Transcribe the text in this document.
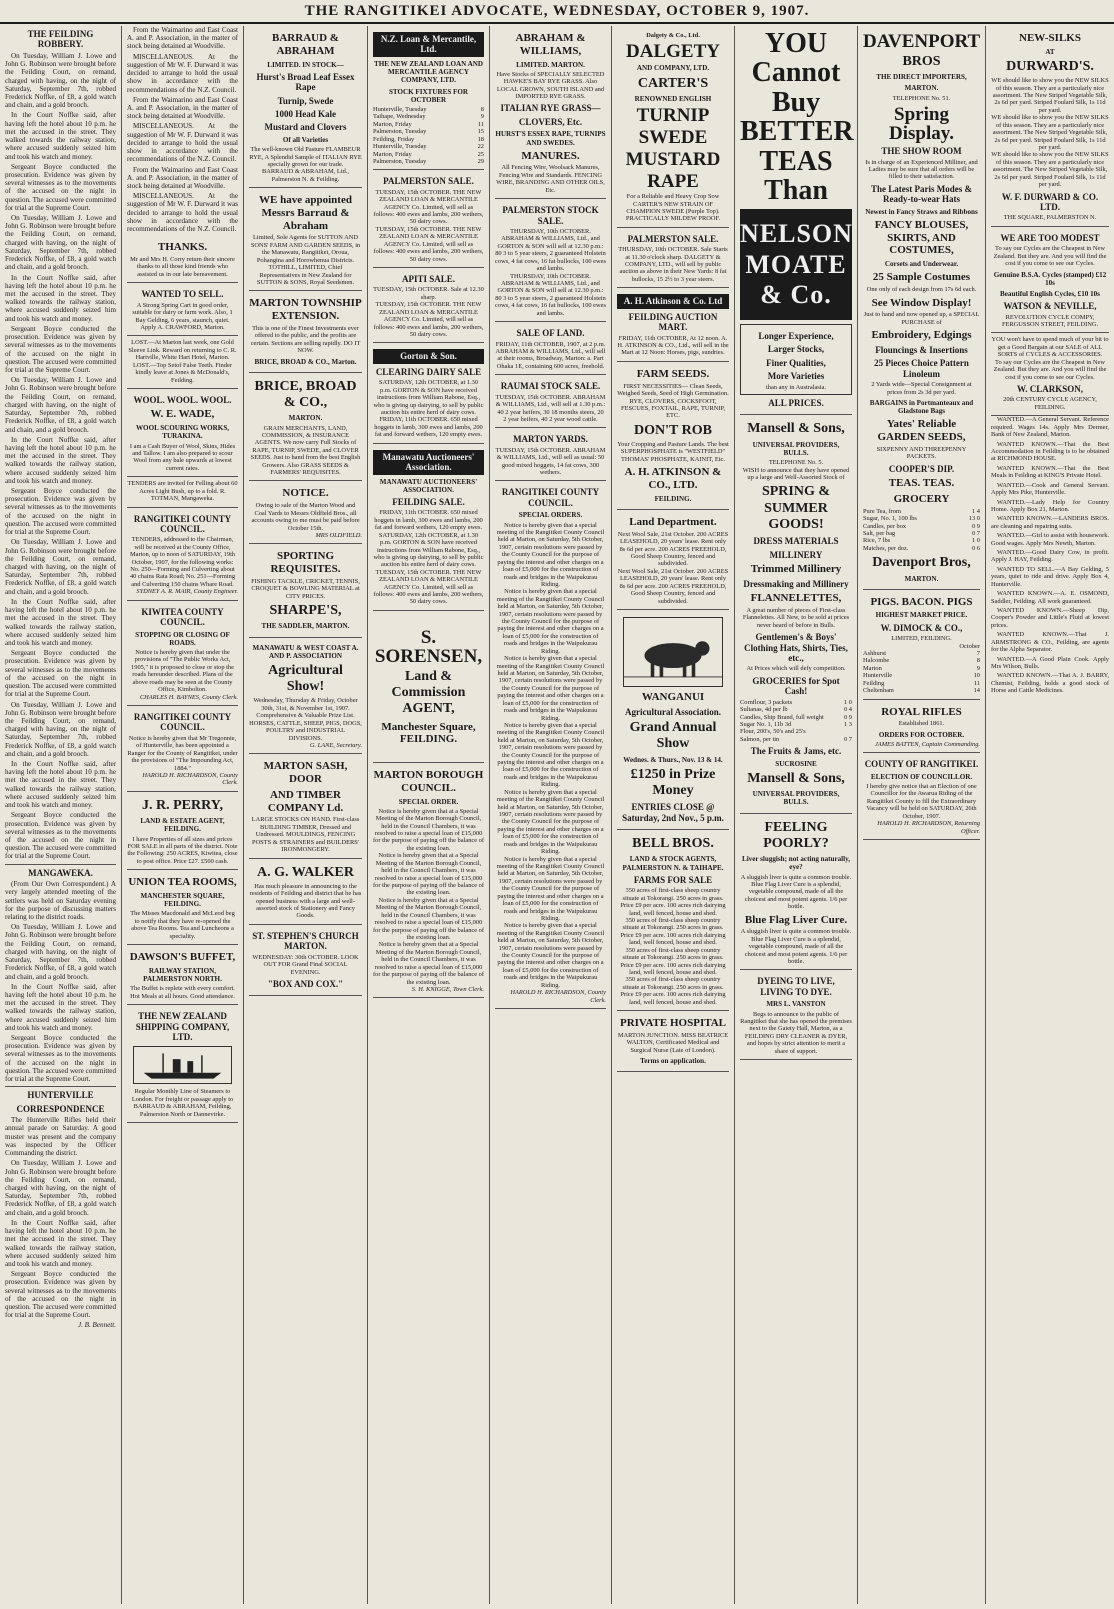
THE RANGITIKEI ADVOCATE, WEDNESDAY, OCTOBER 9, 1907.
THE FEILDING ROBBERY.

On Tuesday, William J. Lowe and John G. Robinson were brought before the Feilding Court, on remand, charged with having, on the night of Saturday, September 7th, robbed Frederick Noffke, of £8, a gold watch and chain, and a gold brooch.

In the Court Noffke said, after having left the hotel about 10 p.m. he met the accused in the street. They walked towards the railway station, where accused suddenly seized him and took his watch and money.

Sergeant Boyce conducted the prosecution. Evidence was given by several witnesses as to the movements of the accused on the night in question. The accused were committed for trial at the Supreme Court.

On Tuesday, William J. Lowe and John G. Robinson were brought before the Feilding Court, on remand, charged with having, on the night of Saturday, September 7th, robbed Frederick Noffke, of £8, a gold watch and chain, and a gold brooch.

In the Court Noffke said, after having left the hotel about 10 p.m. he met the accused in the street. They walked towards the railway station, where accused suddenly seized him and took his watch and money.

Sergeant Boyce conducted the prosecution. Evidence was given by several witnesses as to the movements of the accused on the night in question. The accused were committed for trial at the Supreme Court.

On Tuesday, William J. Lowe and John G. Robinson were brought before the Feilding Court, on remand, charged with having, on the night of Saturday, September 7th, robbed Frederick Noffke, of £8, a gold watch and chain, and a gold brooch.

In the Court Noffke said, after having left the hotel about 10 p.m. he met the accused in the street. They walked towards the railway station, where accused suddenly seized him and took his watch and money.

Sergeant Boyce conducted the prosecution. Evidence was given by several witnesses as to the movements of the accused on the night in question. The accused were committed for trial at the Supreme Court.

On Tuesday, William J. Lowe and John G. Robinson were brought before the Feilding Court, on remand, charged with having, on the night of Saturday, September 7th, robbed Frederick Noffke, of £8, a gold watch and chain, and a gold brooch.

In the Court Noffke said, after having left the hotel about 10 p.m. he met the accused in the street. They walked towards the railway station, where accused suddenly seized him and took his watch and money.

Sergeant Boyce conducted the prosecution. Evidence was given by several witnesses as to the movements of the accused on the night in question. The accused were committed for trial at the Supreme Court.

On Tuesday, William J. Lowe and John G. Robinson were brought before the Feilding Court, on remand, charged with having, on the night of Saturday, September 7th, robbed Frederick Noffke, of £8, a gold watch and chain, and a gold brooch.

In the Court Noffke said, after having left the hotel about 10 p.m. he met the accused in the street. They walked towards the railway station, where accused suddenly seized him and took his watch and money.

Sergeant Boyce conducted the prosecution. Evidence was given by several witnesses as to the movements of the accused on the night in question. The accused were committed for trial at the Supreme Court.

MANGAWEKA.

(From Our Own Correspondent.) A very largely attended meeting of the settlers was held on Saturday evening for the purpose of discussing matters relating to the district roads.

On Tuesday, William J. Lowe and John G. Robinson were brought before the Feilding Court, on remand, charged with having, on the night of Saturday, September 7th, robbed Frederick Noffke, of £8, a gold watch and chain, and a gold brooch.

In the Court Noffke said, after having left the hotel about 10 p.m. he met the accused in the street. They walked towards the railway station, where accused suddenly seized him and took his watch and money.

Sergeant Boyce conducted the prosecution. Evidence was given by several witnesses as to the movements of the accused on the night in question. The accused were committed for trial at the Supreme Court.

HUNTERVILLE
CORRESPONDENCE

The Hunterville Rifles held their annual parade on Saturday. A good muster was present and the company was inspected by the Officer Commanding the district.

On Tuesday, William J. Lowe and John G. Robinson were brought before the Feilding Court, on remand, charged with having, on the night of Saturday, September 7th, robbed Frederick Noffke, of £8, a gold watch and chain, and a gold brooch.

In the Court Noffke said, after having left the hotel about 10 p.m. he met the accused in the street. They walked towards the railway station, where accused suddenly seized him and took his watch and money.

Sergeant Boyce conducted the prosecution. Evidence was given by several witnesses as to the movements of the accused on the night in question. The accused were committed for trial at the Supreme Court.

J. B. Bennett.

From the Waimarino and East Coast A. and P. Association, in the matter of stock being detained at Woodville.

MISCELLANEOUS. At the suggestion of Mr W. F. Durward it was decided to arrange to hold the usual show in accordance with the recommendations of the N.Z. Council.

From the Waimarino and East Coast A. and P. Association, in the matter of stock being detained at Woodville.

MISCELLANEOUS. At the suggestion of Mr W. F. Durward it was decided to arrange to hold the usual show in accordance with the recommendations of the N.Z. Council.

From the Waimarino and East Coast A. and P. Association, in the matter of stock being detained at Woodville.

MISCELLANEOUS. At the suggestion of Mr W. F. Durward it was decided to arrange to hold the usual show in accordance with the recommendations of the N.Z. Council.

THANKS.
Mr and Mrs H. Corry return their sincere thanks to all those kind friends who assisted us in our late bereavement.
WANTED TO SELL.
A Strong Spring Cart in good order, suitable for dairy or farm work. Also, 1 Bay Gelding, 6 years, staunch, quiet. Apply A. CRAWFORD, Marton.
LOST.—At Marton last week, one Gold Sleeve Link. Reward on returning to C. R. Hartville, White Hart Hotel, Marton.
LOST.—Top Setof False Teeth. Finder kindly leave at Jones & McDonald's, Feilding.
WOOL. WOOL. WOOL.
W. E. WADE,
WOOL SCOURING WORKS, TURAKINA.
I am a Cash Buyer of Wool, Skins, Hides and Tallow. I am also prepared to scour Wool from any bale upwards at lowest current rates.
TENDERS are invited for Felling about 60 Acres Light Bush, up to a fold. R. TOTMAN, Mangaweka.
RANGITIKEI COUNTY COUNCIL.
TENDERS, addressed to the Chairman, will be received at the County Office, Marton, up to noon of SATURDAY, 19th October, 1907, for the following works: No. 250—Forming and Culverting about 40 chains Rata Road; No. 251—Forming and Culverting 150 chains Whare Road.
SYDNEY A. R. MAIR, County Engineer.
KIWITEA COUNTY COUNCIL.
STOPPING OR CLOSING OF ROADS.
Notice is hereby given that under the provisions of "The Public Works Act, 1905," it is proposed to close or stop the roads hereunder described. Plans of the above roads may be seen at the County Office, Kimbolton.
CHARLES H. BAYNES, County Clerk.
RANGITIKEI COUNTY COUNCIL.
Notice is hereby given that Mr Tregonnie, of Hunterville, has been appointed a Ranger for the County of Rangitikei, under the provisions of "The Impounding Act, 1884."
HAROLD H. RICHARDSON, County Clerk.
J. R. PERRY,
LAND & ESTATE AGENT, FEILDING.
I have Properties of all sizes and prices FOR SALE in all parts of the district. Note the Following: 250 ACRES, Kiwitea, close to post office. Price £27. £500 cash.
UNION TEA ROOMS,
MANCHESTER SQUARE, FEILDING.
The Misses Macdonald and McLeod beg to notify that they have re-opened the above Tea Rooms. Tea and Luncheons a speciality.
DAWSON'S BUFFET,
RAILWAY STATION, PALMERSTON NORTH.
The Buffet is replete with every comfort. Hot Meals at all hours. Good attendance.
THE NEW ZEALAND SHIPPING COMPANY, LTD.
Regular Monthly Line of Steamers to London. For freight or passage apply to BARRAUD & ABRAHAM, Feilding, Palmerston North or Dannevirke.
BARRAUD & ABRAHAM
LIMITED. IN STOCK—
Hurst's Broad Leaf Essex Rape
Turnip, Swede
1000 Head Kale
Mustard and Clovers
Of all Varieties
The well-known Old Pasture FLAMBEUR RYE, A Splendid Sample of ITALIAN RYE specially grown for our trade.
BARRAUD & ABRAHAM, Ltd., Palmerston N. & Feilding.
WE have appointed Messrs Barraud & Abraham
Limited, Sole Agents for SUTTON AND SONS' FARM AND GARDEN SEEDS, in the Manawatu, Rangitikei, Oroua, Pohangina and Horowhenua Districts.
TOTHILL, LIMITED, Chief Representatives in New Zealand for SUTTON & SONS, Royal Seedsmen.
MARTON TOWNSHIP EXTENSION.
This is one of the Finest Investments ever offered to the public, and the profits are certain. Sections are selling rapidly. DO IT NOW.
BRICE, BROAD & CO., Marton.
BRICE, BROAD & CO.,
MARTON.
GRAIN MERCHANTS, LAND, COMMISSION, & INSURANCE AGENTS. We now carry Full Stocks of RAPE, TURNIP, SWEDE, and CLOVER SEEDS. Just to hand from the best English Growers. Also GRASS SEEDS & FARMERS' REQUISITES.
NOTICE.
Owing to sale of the Marton Wood and Coal Yards to Messrs Oldfield Bros., all accounts owing to me must be paid before October 15th.
MRS OLDFIELD.
SPORTING REQUISITES.
FISHING TACKLE, CRICKET, TENNIS, CROQUET & BOWLING MATERIAL at CITY PRICES.
SHARPE'S,
THE SADDLER, MARTON.
MANAWATU & WEST COAST A. AND P. ASSOCIATION
Agricultural Show!
Wednesday, Thursday & Friday, October 30th, 31st, & November 1st, 1907. Comprehensive & Valuable Prize List. HORSES, CATTLE, SHEEP, PIGS, DOGS, POULTRY and INDUSTRIAL DIVISIONS.
G. LANE, Secretary.
MARTON SASH, DOOR
AND TIMBER COMPANY Ld.
LARGE STOCKS ON HAND. First-class BUILDING TIMBER, Dressed and Undressed. MOULDINGS, FENCING POSTS & STRAINERS and BUILDERS' IRONMONGERY.
A. G. WALKER
Has much pleasure in announcing to the residents of Feilding and district that he has opened business with a large and well-assorted stock of Stationery and Fancy Goods.
ST. STEPHEN'S CHURCH MARTON.
WEDNESDAY: 30th OCTOBER. LOOK OUT FOR Grand Final SOCIAL EVENING.
"BOX AND COX."
N.Z. Loan & Mercantile, Ltd.
THE NEW ZEALAND LOAN AND MERCANTILE AGENCY COMPANY, LTD.
STOCK FIXTURES FOR OCTOBER
Hunterville, Tuesday	8
Taihape, Wednesday	9
Marton, Friday	11
Palmerston, Tuesday	15
Feilding, Friday	18
Hunterville, Tuesday	22
Marton, Friday	25
Palmerston, Tuesday	29
PALMERSTON SALE.
TUESDAY, 15th OCTOBER. THE NEW ZEALAND LOAN & MERCANTILE AGENCY Co. Limited, will sell as follows: 400 ewes and lambs, 200 wethers, 50 dairy cows.
TUESDAY, 15th OCTOBER. THE NEW ZEALAND LOAN & MERCANTILE AGENCY Co. Limited, will sell as follows: 400 ewes and lambs, 200 wethers, 50 dairy cows.
APITI SALE.
TUESDAY, 15th OCTOBER. Sale at 12.30 sharp.
TUESDAY, 15th OCTOBER. THE NEW ZEALAND LOAN & MERCANTILE AGENCY Co. Limited, will sell as follows: 400 ewes and lambs, 200 wethers, 50 dairy cows.
Gorton & Son.
CLEARING DAIRY SALE
SATURDAY, 12th OCTOBER, at 1.30 p.m. GORTON & SON have received instructions from William Rabone, Esq., who is giving up dairying, to sell by public auction his entire herd of dairy cows.
FRIDAY, 11th OCTOBER. 650 mixed hoggets in lamb, 300 ewes and lambs, 200 fat and forward wethers, 120 empty ewes.
Manawatu Auctioneers' Association.
MANAWATU AUCTIONEERS' ASSOCIATION.
FEILDING SALE.
FRIDAY, 11th OCTOBER. 650 mixed hoggets in lamb, 300 ewes and lambs, 200 fat and forward wethers, 120 empty ewes.
SATURDAY, 12th OCTOBER, at 1.30 p.m. GORTON & SON have received instructions from William Rabone, Esq., who is giving up dairying, to sell by public auction his entire herd of dairy cows.
TUESDAY, 15th OCTOBER. THE NEW ZEALAND LOAN & MERCANTILE AGENCY Co. Limited, will sell as follows: 400 ewes and lambs, 200 wethers, 50 dairy cows.
S. SORENSEN,
Land & Commission AGENT,
Manchester Square, FEILDING.
MARTON BOROUGH COUNCIL.
SPECIAL ORDER.
Notice is hereby given that at a Special Meeting of the Marton Borough Council, held in the Council Chambers, it was resolved to raise a special loan of £15,000 for the purpose of paying off the balance of the existing loan.
Notice is hereby given that at a Special Meeting of the Marton Borough Council, held in the Council Chambers, it was resolved to raise a special loan of £15,000 for the purpose of paying off the balance of the existing loan.
Notice is hereby given that at a Special Meeting of the Marton Borough Council, held in the Council Chambers, it was resolved to raise a special loan of £15,000 for the purpose of paying off the balance of the existing loan.
Notice is hereby given that at a Special Meeting of the Marton Borough Council, held in the Council Chambers, it was resolved to raise a special loan of £15,000 for the purpose of paying off the balance of the existing loan.
S. H. KNIGGE, Town Clerk.
ABRAHAM & WILLIAMS,
LIMITED. MARTON.
Have Stocks of SPECIALLY SELECTED HAWKE'S BAY RYE GRASS. Also LOCAL GROWN, SOUTH ISLAND and IMPORTED RYE GRASS.
ITALIAN RYE GRASS—
CLOVERS, Etc.
HURST'S ESSEX RAPE, TURNIPS AND SWEDES.
MANURES.
All Fencing Wire, Woolsack Manures, Fencing Wire and Standards. FENCING WIRE, BRANDING AND OTHER OILS, Etc.
PALMERSTON STOCK SALE.
THURSDAY, 10th OCTOBER. ABRAHAM & WILLIAMS, Ltd., and GORTON & SON will sell at 12.30 p.m.: 80 3 to 5 year steers, 2 guaranteed Holstein cows, 4 fat cows, 16 fat bullocks, 100 ewes and lambs.
THURSDAY, 10th OCTOBER. ABRAHAM & WILLIAMS, Ltd., and GORTON & SON will sell at 12.30 p.m.: 80 3 to 5 year steers, 2 guaranteed Holstein cows, 4 fat cows, 16 fat bullocks, 100 ewes and lambs.
SALE OF LAND.
FRIDAY, 11th OCTOBER, 1907, at 2 p.m. ABRAHAM & WILLIAMS, Ltd., will sell at their rooms, Broadway, Marton: a. Part Ohaka 1E, containing 600 acres, freehold.
RAUMAI STOCK SALE.
TUESDAY, 15th OCTOBER. ABRAHAM & WILLIAMS, Ltd., will sell at 1.30 p.m.: 40 2 year heifers, 30 18 months steers, 20 2 year heifers, 40 2 year wood cattle.
MARTON YARDS.
TUESDAY, 15th OCTOBER. ABRAHAM & WILLIAMS, Ltd., will sell as usual: 50 good mixed hoggets, 14 fat cows, 300 wethers.
RANGITIKEI COUNTY COUNCIL.
SPECIAL ORDERS.
Notice is hereby given that a special meeting of the Rangitikei County Council held at Marton, on Saturday, 5th October, 1907, certain resolutions were passed by the County Council for the purpose of paying the interest and other charges on a loan of £5,000 for the construction of roads and bridges in the Waipukurau Riding.
Notice is hereby given that a special meeting of the Rangitikei County Council held at Marton, on Saturday, 5th October, 1907, certain resolutions were passed by the County Council for the purpose of paying the interest and other charges on a loan of £5,000 for the construction of roads and bridges in the Waipukurau Riding.
Notice is hereby given that a special meeting of the Rangitikei County Council held at Marton, on Saturday, 5th October, 1907, certain resolutions were passed by the County Council for the purpose of paying the interest and other charges on a loan of £5,000 for the construction of roads and bridges in the Waipukurau Riding.
Notice is hereby given that a special meeting of the Rangitikei County Council held at Marton, on Saturday, 5th October, 1907, certain resolutions were passed by the County Council for the purpose of paying the interest and other charges on a loan of £5,000 for the construction of roads and bridges in the Waipukurau Riding.
Notice is hereby given that a special meeting of the Rangitikei County Council held at Marton, on Saturday, 5th October, 1907, certain resolutions were passed by the County Council for the purpose of paying the interest and other charges on a loan of £5,000 for the construction of roads and bridges in the Waipukurau Riding.
Notice is hereby given that a special meeting of the Rangitikei County Council held at Marton, on Saturday, 5th October, 1907, certain resolutions were passed by the County Council for the purpose of paying the interest and other charges on a loan of £5,000 for the construction of roads and bridges in the Waipukurau Riding.
Notice is hereby given that a special meeting of the Rangitikei County Council held at Marton, on Saturday, 5th October, 1907, certain resolutions were passed by the County Council for the purpose of paying the interest and other charges on a loan of £5,000 for the construction of roads and bridges in the Waipukurau Riding.
HAROLD H. RICHARDSON, County Clerk.
Dalgety & Co., Ltd.
DALGETY
AND COMPANY, LTD.
CARTER'S
RENOWNED ENGLISH
TURNIP
SWEDE
MUSTARD
RAPE
For a Reliable and Heavy Crop Sow CARTER'S NEW STRAIN OF CHAMPION SWEDE (Purple Top). PRACTICALLY MILDEW PROOF.
PALMERSTON SALE.
THURSDAY, 10th OCTOBER. Sale Starts at 11.30 o'clock sharp. DALGETY & COMPANY, LTD., will sell by public auction as above in their New Yards: 8 fat bullocks, 15 2½ to 3 year steers.
A. H. Atkinson & Co. Ltd
FEILDING AUCTION MART.
FRIDAY, 11th OCTOBER, At 12 noon. A. H. ATKINSON & CO., Ltd., will sell in the Mart at 12 Noon: Horses, pigs, sundries.
FARM SEEDS.
FIRST NECESSITIES— Clean Seeds, Weighed Seeds, Seed of High Germination. RYE, CLOVERS, COCKSFOOT, FESCUES, FOXTAIL, RAPE, TURNIP, ETC.
DON'T ROB
Your Cropping and Pasture Lands. The best SUPERPHOSPHATE is "WESTFIELD" THOMAS' PHOSPHATE, KAINIT, Etc.
A. H. ATKINSON & CO., LTD.
FEILDING.
Land Department.
Next Wool Sale, 21st October. 200 ACRES LEASEHOLD, 20 years' lease. Rent only 8s 6d per acre. 200 ACRES FREEHOLD, Good Sheep Country, fenced and subdivided.
Next Wool Sale, 21st October. 200 ACRES LEASEHOLD, 20 years' lease. Rent only 8s 6d per acre. 200 ACRES FREEHOLD, Good Sheep Country, fenced and subdivided.
WANGANUI
Agricultural Association.
Grand Annual Show
Wednes. & Thurs., Nov. 13 & 14.
£1250 in Prize Money
ENTRIES CLOSE @ Saturday, 2nd Nov., 5 p.m.
BELL BROS.
LAND & STOCK AGENTS, PALMERSTON N. & TAIHAPE.
FARMS FOR SALE
350 acres of first-class sheep country situate at Tokorangi. 250 acres in grass. Price £9 per acre. 100 acres rich dairying land, well fenced, house and shed.
350 acres of first-class sheep country situate at Tokorangi. 250 acres in grass. Price £9 per acre. 100 acres rich dairying land, well fenced, house and shed.
350 acres of first-class sheep country situate at Tokorangi. 250 acres in grass. Price £9 per acre. 100 acres rich dairying land, well fenced, house and shed.
350 acres of first-class sheep country situate at Tokorangi. 250 acres in grass. Price £9 per acre. 100 acres rich dairying land, well fenced, house and shed.
PRIVATE HOSPITAL
MARTON JUNCTION. MISS BEATRICE WALTON, Certificated Medical and Surgical Nurse (Late of London).
Terms on application.
YOU
Cannot
Buy
BETTER
TEAS
Than
NELSON MOATE & Co.
Longer Experience,
Larger Stocks,
Finer Qualities,
More Varieties
than any in Australasia.
ALL PRICES.
Mansell & Sons,
UNIVERSAL PROVIDERS, BULLS.
TELEPHONE No. 5.
WISH to announce that they have opened up a large and Well-Assorted Stock of
SPRING & SUMMER GOODS!
DRESS MATERIALS
MILLINERY
Trimmed Millinery
Dressmaking and Millinery
FLANNELETTES,
A great number of pieces of First-class Flannelettes. All New, to be sold at prices never heard of before in Bulls.
Gentlemen's & Boys' Clothing Hats, Shirts, Ties, etc.,
At Prices which will defy competition.
GROCERIES for Spot Cash!
Cornflour, 3 packets	1 0
Sultanas, 4d per lb	0 4
Candles, Ship Brand, full weight	0 9
Sugar No. 1, 11b 3d	1 3
Flour, 200's, 50's and 25's
Salmon, per tin	0 7
The Fruits & Jams, etc.
SUCROSINE
Mansell & Sons,
UNIVERSAL PROVIDERS, BULLS.
FEELING POORLY?
Liver sluggish; not acting naturally, eye?
A sluggish liver is quite a common trouble. Blue Flag Liver Cure is a splendid, vegetable compound, made of all the choicest and most potent agents. 1/6 per bottle.
Blue Flag Liver Cure.
A sluggish liver is quite a common trouble. Blue Flag Liver Cure is a splendid, vegetable compound, made of all the choicest and most potent agents. 1/6 per bottle.
DYEING TO LIVE, LIVING TO DYE.
MRS L. VANSTON
Begs to announce to the public of Rangitikei that she has opened the premises next to the Gaiety Hall, Marton, as a FEILDING DRY CLEANER & DYER, and hopes by strict attention to merit a share of support.
DAVENPORT
BROS
THE DIRECT IMPORTERS,
MARTON.
TELEPHONE No. 51.
Spring Display.
THE SHOW ROOM
Is in charge of an Experienced Milliner, and Ladies may be sure that all orders will be filled to their satisfaction.
The Latest Paris Modes & Ready-to-wear Hats
Newest in Fancy Straws and Ribbons
FANCY BLOUSES, SKIRTS, AND COSTUMES,
Corsets and Underwear.
25 Sample Costumes
One only of each design from 17s 6d each.
See Window Display!
Just to hand and now opened up, a SPECIAL PURCHASE of
Embroidery, Edgings
Flouncings & Insertions
25 Pieces Choice Pattern Linoleum
2 Yards wide—Special Consignment at prices from 2s 3d per yard.
BARGAINS in Portmanteaux and Gladstone Bags
Yates' Reliable GARDEN SEEDS,
SIXPENNY AND THREEPENNY PACKETS.
COOPER'S DIP.
TEAS. TEAS.
GROCERY
Pure Tea, from	1 4
Sugar, No. 1, 100 lbs	13 0
Candles, per box	0 9
Salt, per bag	0 7
Rice, 7 lbs	1 0
Matches, per doz.	0 6
Davenport Bros,
MARTON.
PIGS. BACON. PIGS
HIGHEST MARKET PRICE.
W. DIMOCK & CO.,
LIMITED, FEILDING.
October
Ashhurst	7
Halcombe	8
Marton	9
Hunterville	10
Feilding	11
Cheltenham	14
ROYAL RIFLES
Established 1861.
ORDERS FOR OCTOBER.
JAMES BATTEN, Captain Commanding.
COUNTY OF RANGITIKEI.
ELECTION OF COUNCILLOR.
I hereby give notice that an Election of one Councillor for the Awarua Riding of the Rangitikei County to fill the Extraordinary Vacancy will be held on SATURDAY, 26th October, 1907.
HAROLD H. RICHARDSON, Returning Officer.
NEW-SILKS
AT
DURWARD'S.
WE should like to show you the NEW SILKS of this season. They are a particularly nice assortment. The New Striped Vegetable Silk, 2s 6d per yard. Striped Foulard Silk, 1s 11d per yard.
WE should like to show you the NEW SILKS of this season. They are a particularly nice assortment. The New Striped Vegetable Silk, 2s 6d per yard. Striped Foulard Silk, 1s 11d per yard.
WE should like to show you the NEW SILKS of this season. They are a particularly nice assortment. The New Striped Vegetable Silk, 2s 6d per yard. Striped Foulard Silk, 1s 11d per yard.
W. F. DURWARD & CO. LTD.
THE SQUARE, PALMERSTON N.
WE ARE TOO MODEST
To say our Cycles are the Cheapest in New Zealand. But they are. And you will find the cost if you come to see our Cycles.
Genuine B.S.A. Cycles (stamped) £12 10s
Beautiful English Cycles, £10 10s
WATSON & NEVILLE,
REVOLUTION CYCLE COMPY, FERGUSSON STREET, FEILDING.
YOU won't have to spend much of your bit to get a Good Bargain at our SALE of ALL SORTS of CYCLES & ACCESSORIES.
To say our Cycles are the Cheapest in New Zealand. But they are. And you will find the cost if you come to see our Cycles.
W. CLARKSON,
20th CENTURY CYCLE AGENCY, FEILDING.

WANTED.—A General Servant. Reference required. Wages 14s. Apply Mrs Dermer, Bank of New Zealand, Marton.

WANTED KNOWN.—That the Best Accommodation in Feilding is to be obtained at RICHMOND HOUSE.

WANTED KNOWN.—That the Best Meals in Feilding at KING'S Private Hotel.

WANTED.—Cook and General Servant. Apply Mrs Pike, Hunterville.

WANTED.—Lady Help for Country Home. Apply Box 21, Marton.

WANTED KNOWN.—LANDERS BROS. are cleaning and repairing suits.

WANTED.—Girl to assist with housework. Good wages. Apply Mrs Newth, Marton.

WANTED.—Good Dairy Cow, in profit. Apply J. HAY, Feilding.

WANTED TO SELL.—A Bay Gelding, 5 years, quiet to ride and drive. Apply Box 4, Hunterville.

WANTED KNOWN.—A. E. OSMOND, Saddler, Feilding. All work guaranteed.

WANTED KNOWN.—Sheep Dip, Cooper's Powder and Little's Fluid at lowest prices.

WANTED KNOWN.—That J. ARMSTRONG & CO., Feilding, are agents for the Alpha Separator.

WANTED.—A Good Plain Cook. Apply Mrs Wilson, Bulls.

WANTED KNOWN.—That A. J. BARRY, Chemist, Feilding, holds a good stock of Horse and Cattle Medicines.
